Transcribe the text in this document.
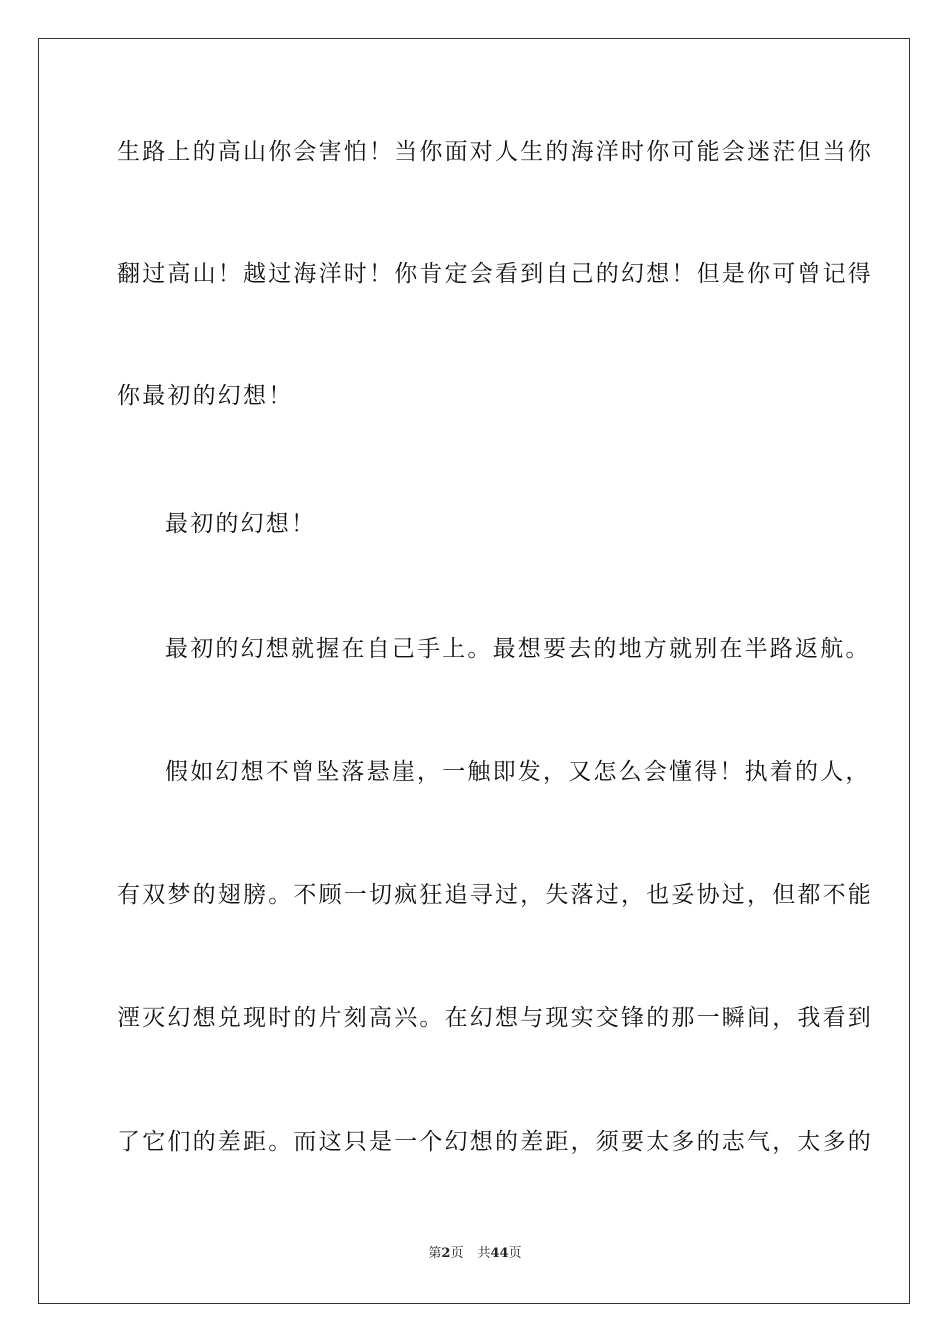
生路上的高山你会害怕！当你面对人生的海洋时你可能会迷茫但当你
翻过高山！越过海洋时！你肯定会看到自己的幻想！但是你可曾记得
你最初的幻想！
最初的幻想！
最初的幻想就握在自己手上。最想要去的地方就别在半路返航。
假如幻想不曾坠落悬崖，一触即发，又怎么会懂得！执着的人，
有双梦的翅膀。不顾一切疯狂追寻过，失落过，也妥协过，但都不能
湮灭幻想兑现时的片刻高兴。在幻想与现实交锋的那一瞬间，我看到
了它们的差距。而这只是一个幻想的差距，须要太多的志气，太多的
第2页 共44页
